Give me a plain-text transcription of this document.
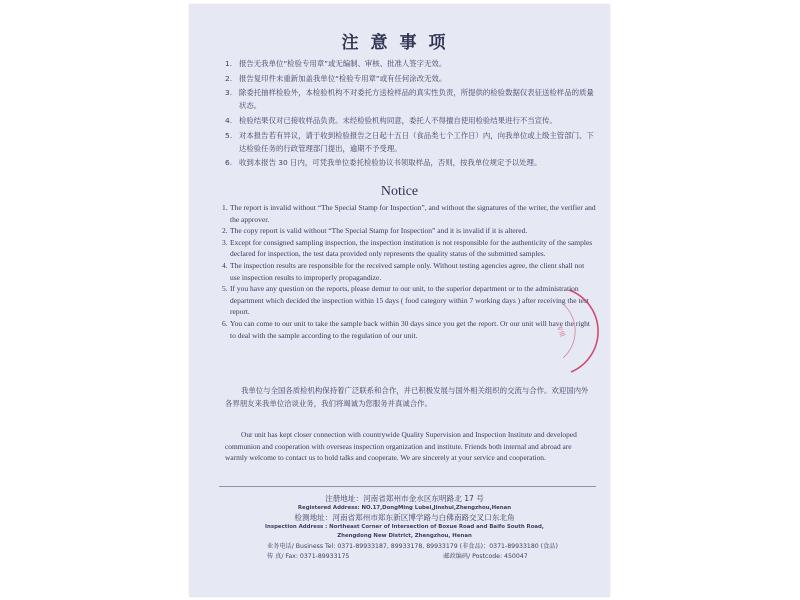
注意事项
1. 报告无我单位“检验专用章”或无编制、审核、批准人签字无效。
2. 报告复印件未重新加盖我单位“检验专用章”或有任何涂改无效。
3. 除委托抽样检验外，本检验机构不对委托方送检样品的真实性负责，所提供的检验数据仅表征送检样品的质量状态。
4. 检验结果仅对已接收样品负责。未经检验机构同意，委托人不得擅自使用检验结果进行不当宣传。
5. 对本报告若有异议，请于收到检验报告之日起十五日（食品类七个工作日）内，向我单位或上级主管部门、下达检验任务的行政管理部门提出，逾期不予受理。
6. 收到本报告 30 日内，可凭我单位委托检验协议书领取样品，否则，按我单位规定予以处理。
Notice
1. The report is invalid without “The Special Stamp for Inspection”, and without the signatures of the writer, the verifier and the approver.
2. The copy report is valid without “The Special Stamp for Inspection” and it is invalid if it is altered.
3. Except for consigned sampling inspection, the inspection institution is not responsible for the authenticity of the samples declared for inspection, the test data provided only represents the quality status of the submitted samples.
4. The inspection results are responsible for the received sample only. Without testing agencies agree, the client shall not use inspection results to improperly propagandize.
5. If you have any question on the reports, please demur to our unit, to the superior department or to the administration department which decided the inspection within 15 days ( food category within 7 working days ) after receiving the test report.
6. You can come to our unit to take the sample back within 30 days since you get the report. Or our unit will have the right to deal with the sample according to the regulation of our unit.	专用
我单位与全国各质检机构保持着广泛联系和合作，并已积极发展与国外相关组织的交流与合作。欢迎国内外各界朋友来我单位洽谈业务，我们将竭诚为您服务并真诚合作。
Our unit has kept closer connection with countrywide Quality Supervision and Inspection Institute and developed communion and cooperation with overseas inspection organization and institute. Friends both internal and abroad are warmly welcome to contact us to hold talks and cooperate. We are sincerely at your service and cooperation.
注册地址：河南省郑州市金水区东明路北 17 号
Registered Address: NO.17,DongMing Lubei,Jinshui,Zhengzhou,Henan
检测地址：河南省郑州市郑东新区博学路与白佛南路交叉口东北角
Inspection Address : Northeast Corner of Intersection of Boxue Road and Baifo South Road,
Zhengdong New District, Zhengzhou, Henan
业务电话/ Business Tel: 0371-89933187, 89933178, 89933179 (非食品)；0371-89933180 (食品)
传 真/ Fax: 0371-89933175	邮政编码/ Postcode: 450047
